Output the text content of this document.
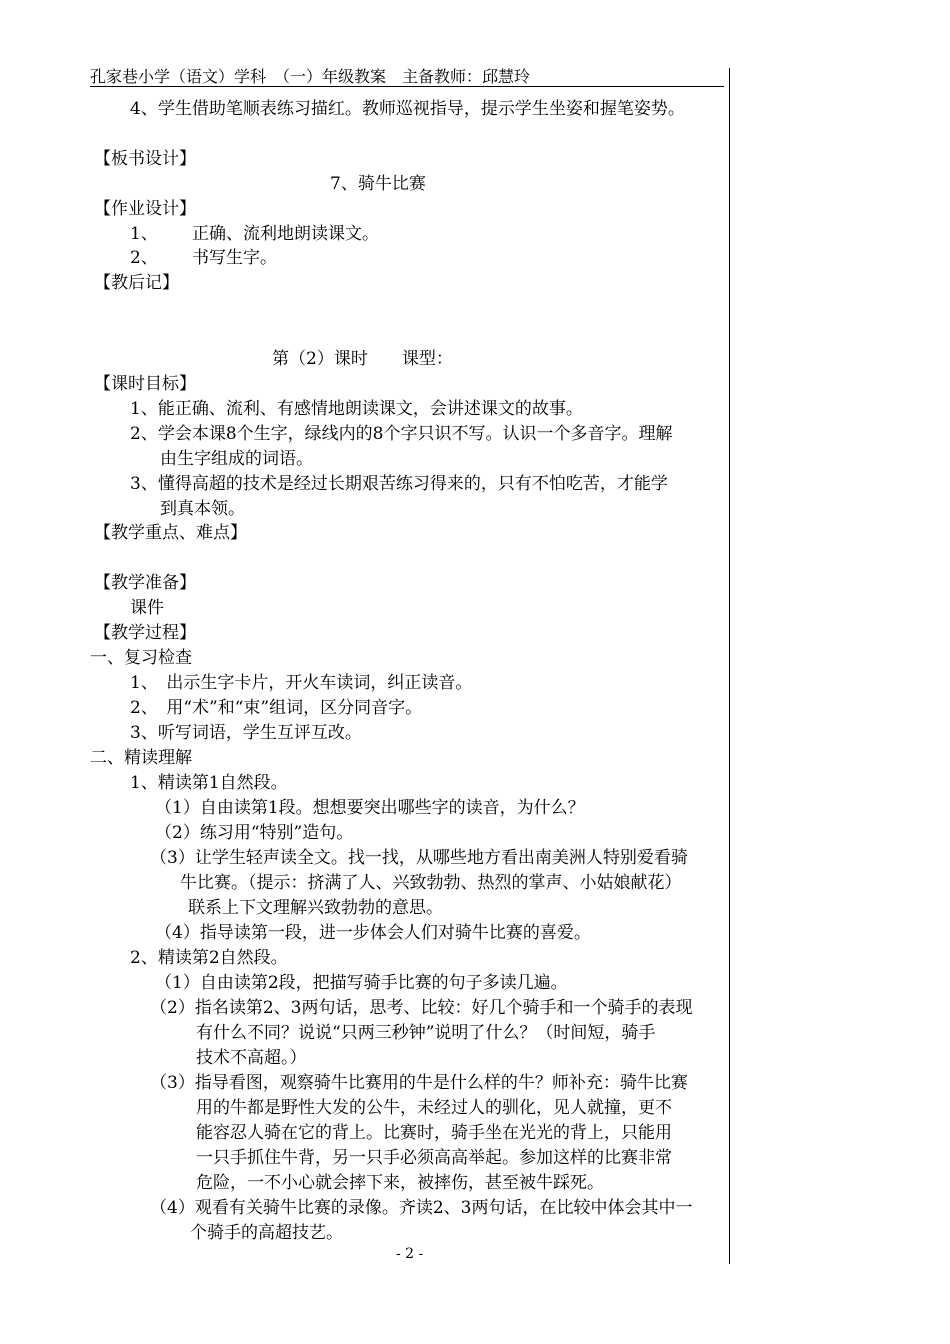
孔家巷小学（语文）学科　（一）年级教案　主备教师：邱慧玲
4、学生借助笔顺表练习描红。教师巡视指导，提示学生坐姿和握笔姿势。
【板书设计】
7、骑牛比赛
【作业设计】
1、 正确、流利地朗读课文。
2、 书写生字。
【教后记】
第（2）课时　　课型：
【课时目标】
1、能正确、流利、有感情地朗读课文，会讲述课文的故事。
2、学会本课8个生字，绿线内的8个字只识不写。认识一个多音字。理解
由生字组成的词语。
3、懂得高超的技术是经过长期艰苦练习得来的，只有不怕吃苦，才能学
到真本领。
【教学重点、难点】
【教学准备】
课件
【教学过程】
一、复习检查
1、　出示生字卡片，开火车读词，纠正读音。
2、　用“术”和“束”组词，区分同音字。
3、听写词语，学生互评互改。
二、精读理解
1、精读第1自然段。
（1）自由读第1段。想想要突出哪些字的读音，为什么？
（2）练习用“特别”造句。
（3）让学生轻声读全文。找一找，从哪些地方看出南美洲人特别爱看骑
牛比赛。（提示：挤满了人、兴致勃勃、热烈的掌声、小姑娘献花）
联系上下文理解兴致勃勃的意思。
（4）指导读第一段，进一步体会人们对骑牛比赛的喜爱。
2、精读第2自然段。
（1）自由读第2段，把描写骑手比赛的句子多读几遍。
（2）指名读第2、3两句话，思考、比较：好几个骑手和一个骑手的表现
有什么不同？说说“只两三秒钟”说明了什么？（时间短，骑手
技术不高超。）
（3）指导看图，观察骑牛比赛用的牛是什么样的牛？师补充：骑牛比赛
用的牛都是野性大发的公牛，未经过人的驯化，见人就撞，更不
能容忍人骑在它的背上。比赛时，骑手坐在光光的背上，只能用
一只手抓住牛背，另一只手必须高高举起。参加这样的比赛非常
危险，一不小心就会摔下来，被摔伤，甚至被牛踩死。
（4）观看有关骑牛比赛的录像。齐读2、3两句话，在比较中体会其中一
个骑手的高超技艺。
- 2 -
